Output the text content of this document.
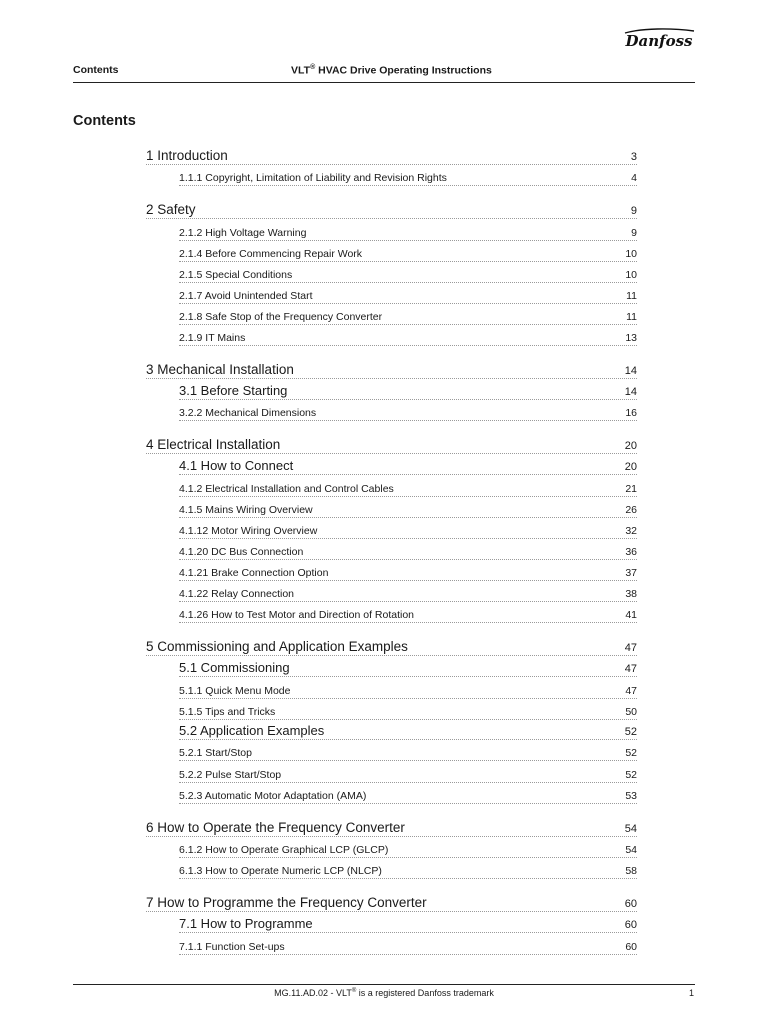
Danfoss
Contents	VLT® HVAC Drive Operating Instructions
Contents
1 Introduction	3
1.1.1 Copyright, Limitation of Liability and Revision Rights	4
2 Safety	9
2.1.2 High Voltage Warning	9
2.1.4 Before Commencing Repair Work	10
2.1.5 Special Conditions	10
2.1.7 Avoid Unintended Start	11
2.1.8 Safe Stop of the Frequency Converter	11
2.1.9 IT Mains	13
3 Mechanical Installation	14
3.1 Before Starting	14
3.2.2 Mechanical Dimensions	16
4 Electrical Installation	20
4.1 How to Connect	20
4.1.2 Electrical Installation and Control Cables	21
4.1.5 Mains Wiring Overview	26
4.1.12 Motor Wiring Overview	32
4.1.20 DC Bus Connection	36
4.1.21 Brake Connection Option	37
4.1.22 Relay Connection	38
4.1.26 How to Test Motor and Direction of Rotation	41
5 Commissioning and Application Examples	47
5.1 Commissioning	47
5.1.1 Quick Menu Mode	47
5.1.5 Tips and Tricks	50
5.2 Application Examples	52
5.2.1 Start/Stop	52
5.2.2 Pulse Start/Stop	52
5.2.3 Automatic Motor Adaptation (AMA)	53
6 How to Operate the Frequency Converter	54
6.1.2 How to Operate Graphical LCP (GLCP)	54
6.1.3 How to Operate Numeric LCP (NLCP)	58
7 How to Programme the Frequency Converter	60
7.1 How to Programme	60
7.1.1 Function Set-ups	60
MG.11.AD.02 - VLT® is a registered Danfoss trademark	1
